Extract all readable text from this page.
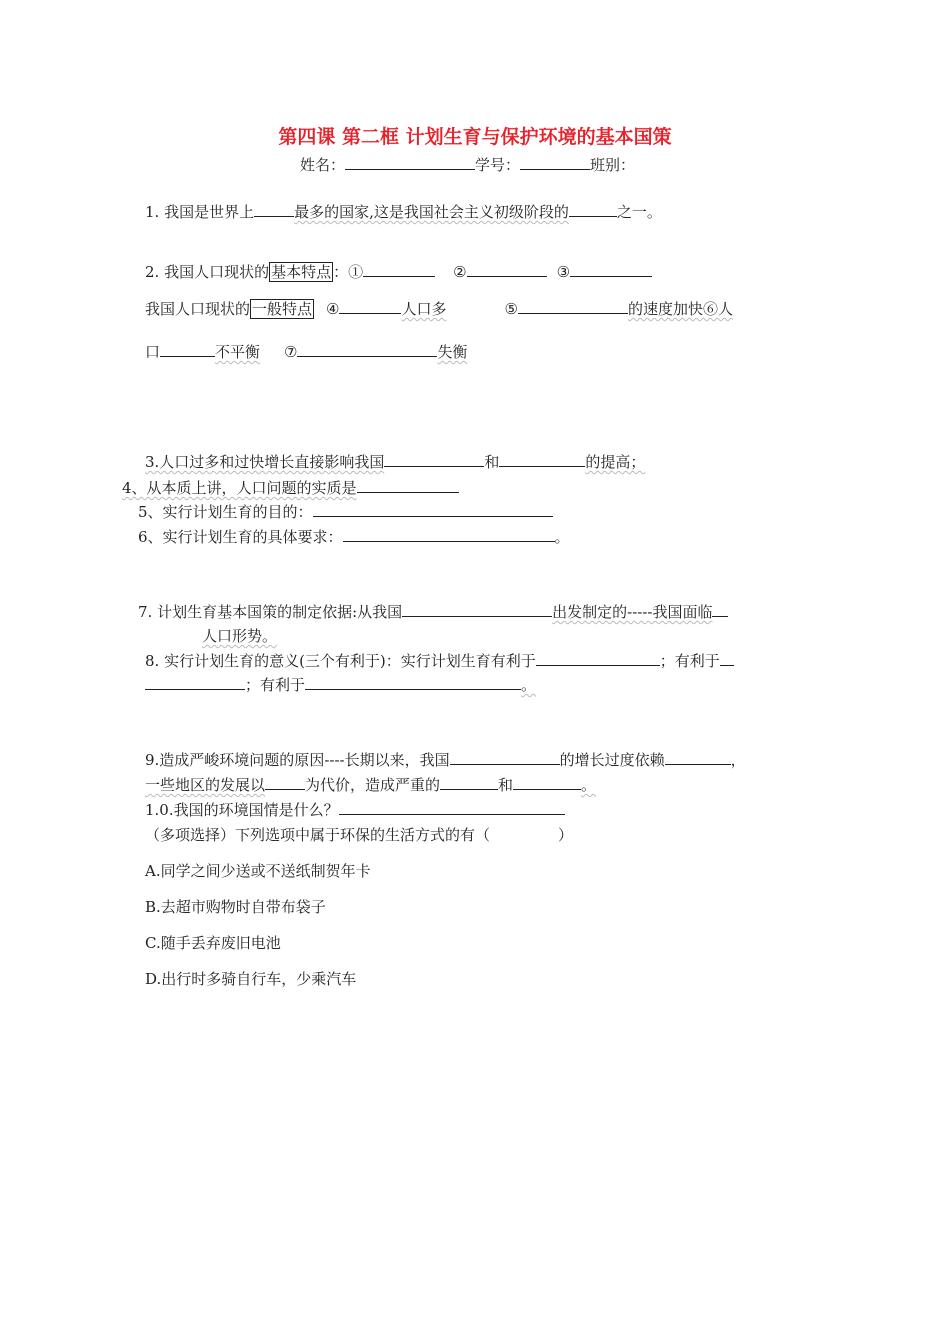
第四课 第二框 计划生育与保护环境的基本国策
姓名：	学号：	班别：
1. 我国是世界上	最多的国家,这是我国社会主义初级阶段的	之一。
2. 我国人口现状的 基本特点 ：①	②	③
我国人口现状的 一般特点 ④	人口多	⑤	的速度加快⑥人
口	不平衡 ⑦	失衡
3.人口过多和过快增长直接影响我国	和	的提高；
4、从本质上讲，人口问题的实质是
5、实行计划生育的目的：
6、实行计划生育的具体要求：	。
7. 计划生育基本国策的制定依据:从我国	出发制定的-----我国面临
人口形势。
8. 实行计划生育的意义(三个有利于)：实行计划生育有利于	；有利于
；有利于	。
9.造成严峻环境问题的原因----长期以来，我国	的增长过度依赖	，
一些地区的发展以	为代价，造成严重的	和	。
1.0.我国的环境国情是什么？
（多项选择）下列选项中属于环保的生活方式的有（	）
A.同学之间少送或不送纸制贺年卡
B.去超市购物时自带布袋子
C.随手丢弃废旧电池
D.出行时多骑自行车，少乘汽车
